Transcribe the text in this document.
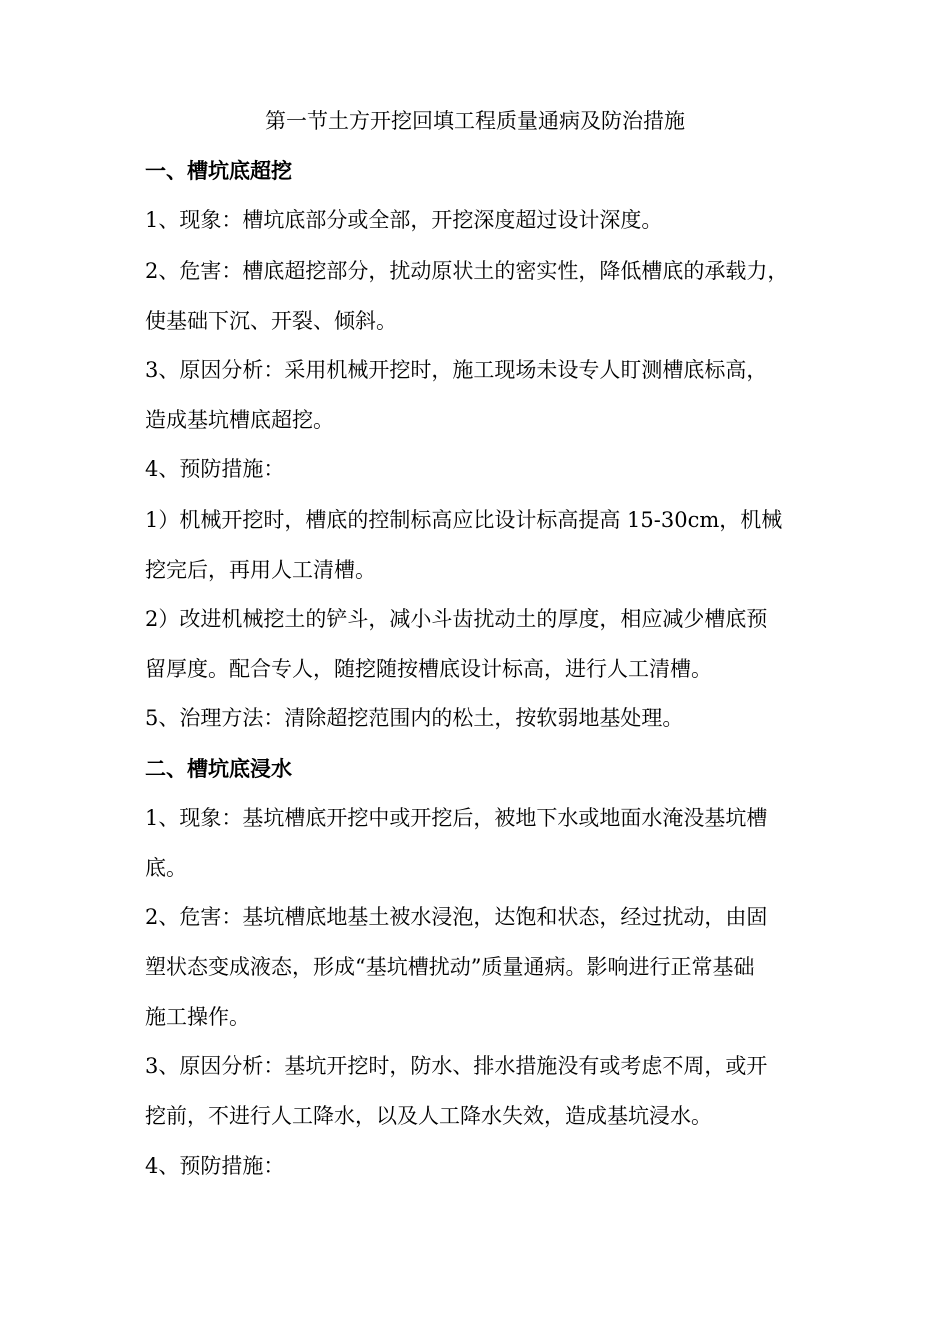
第一节土方开挖回填工程质量通病及防治措施
一、槽坑底超挖
1、现象：槽坑底部分或全部，开挖深度超过设计深度。
2、危害：槽底超挖部分，扰动原状土的密实性，降低槽底的承载力，
使基础下沉、开裂、倾斜。
3、原因分析：采用机械开挖时，施工现场未设专人盯测槽底标高，
造成基坑槽底超挖。
4、预防措施：
1）机械开挖时，槽底的控制标高应比设计标高提高 15-30cm，机械
挖完后，再用人工清槽。
2）改进机械挖土的铲斗，减小斗齿扰动土的厚度，相应减少槽底预
留厚度。配合专人，随挖随按槽底设计标高，进行人工清槽。
5、治理方法：清除超挖范围内的松土，按软弱地基处理。
二、槽坑底浸水
1、现象：基坑槽底开挖中或开挖后，被地下水或地面水淹没基坑槽
底。
2、危害：基坑槽底地基土被水浸泡，达饱和状态，经过扰动，由固
塑状态变成液态，形成“基坑槽扰动”质量通病。影响进行正常基础
施工操作。
3、原因分析：基坑开挖时，防水、排水措施没有或考虑不周，或开
挖前，不进行人工降水，以及人工降水失效，造成基坑浸水。
4、预防措施：
